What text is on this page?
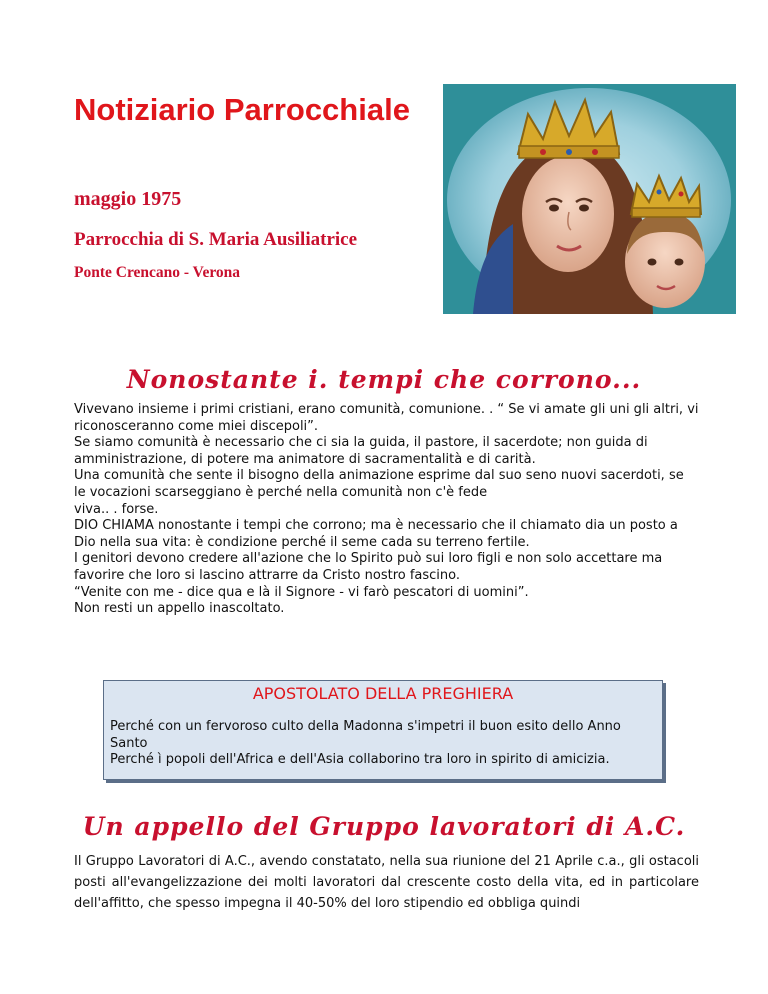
Notiziario Parrocchiale
maggio 1975
Parrocchia di S. Maria Ausiliatrice
Ponte Crencano - Verona
Nonostante i. tempi che corrono...

Vivevano insieme i primi cristiani, erano comunità, comunione. . “ Se vi amate gli uni gli altri, vi riconosceranno come miei discepoli”.

Se siamo comunità è necessario che ci sia la guida, il pastore, il sacerdote; non guida di amministrazione, di potere ma animatore di sacramentalità e di carità.

Una comunità che sente il bisogno della animazione esprime dal suo seno nuovi sacerdoti, se le vocazioni scarseggiano è perché nella comunità non c'è fede

viva.. . forse.

DIO CHIAMA nonostante i tempi che corrono; ma è necessario che il chiamato dia un posto a Dio nella sua vita: è condizione perché il seme cada su terreno fertile.

I genitori devono credere all'azione che lo Spirito può sui loro figli e non solo accettare ma favorire che loro si lascino attrarre da Cristo nostro fascino.

“Venite con me - dice qua e là il Signore - vi farò pescatori di uomini”.

Non resti un appello inascoltato.

APOSTOLATO DELLA PREGHIERA

Perché con un fervoroso culto della Madonna s'impetri il buon esito dello Anno Santo

Perché ì popoli dell'Africa e dell'Asia collaborino tra loro in spirito di amicizia.

Un appello del Gruppo lavoratori di A.C.
Il Gruppo Lavoratori di A.C., avendo constatato, nella sua riunione del 21 Aprile c.a., gli ostacoli posti all'evangelizzazione dei molti lavoratori dal crescente costo della vita, ed in particolare dell'affitto, che spesso impegna il 40-50% del loro stipendio ed obbliga quindi
